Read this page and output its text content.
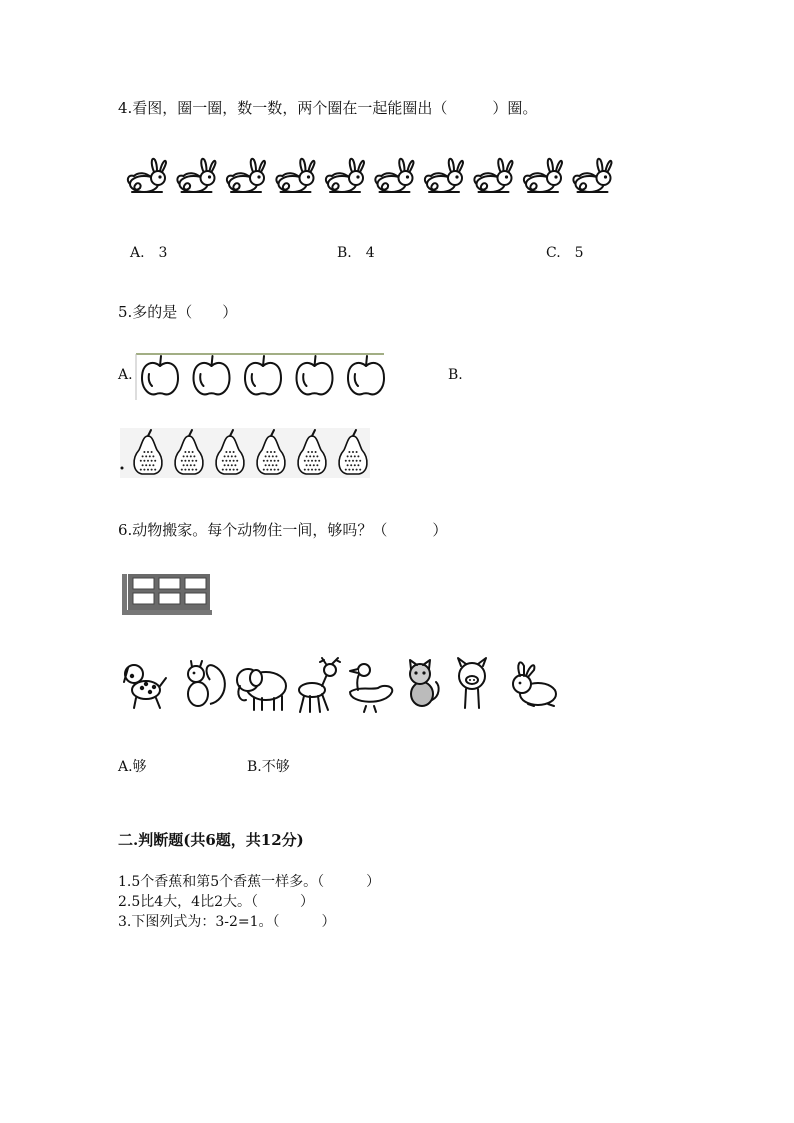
4.看图，圈一圈，数一数，两个圈在一起能圈出（　　　）圈。
A.　3	B.　4	C.　5
5.多的是（　　）
A.	B.
6.动物搬家。每个动物住一间，够吗？（　　　）
A.够	B.不够
二.判断题(共6题，共12分)
1.5个香蕉和第5个香蕉一样多。（　　　）
2.5比4大，4比2大。（　　　）
3.下图列式为：3-2=1。（　　　）
